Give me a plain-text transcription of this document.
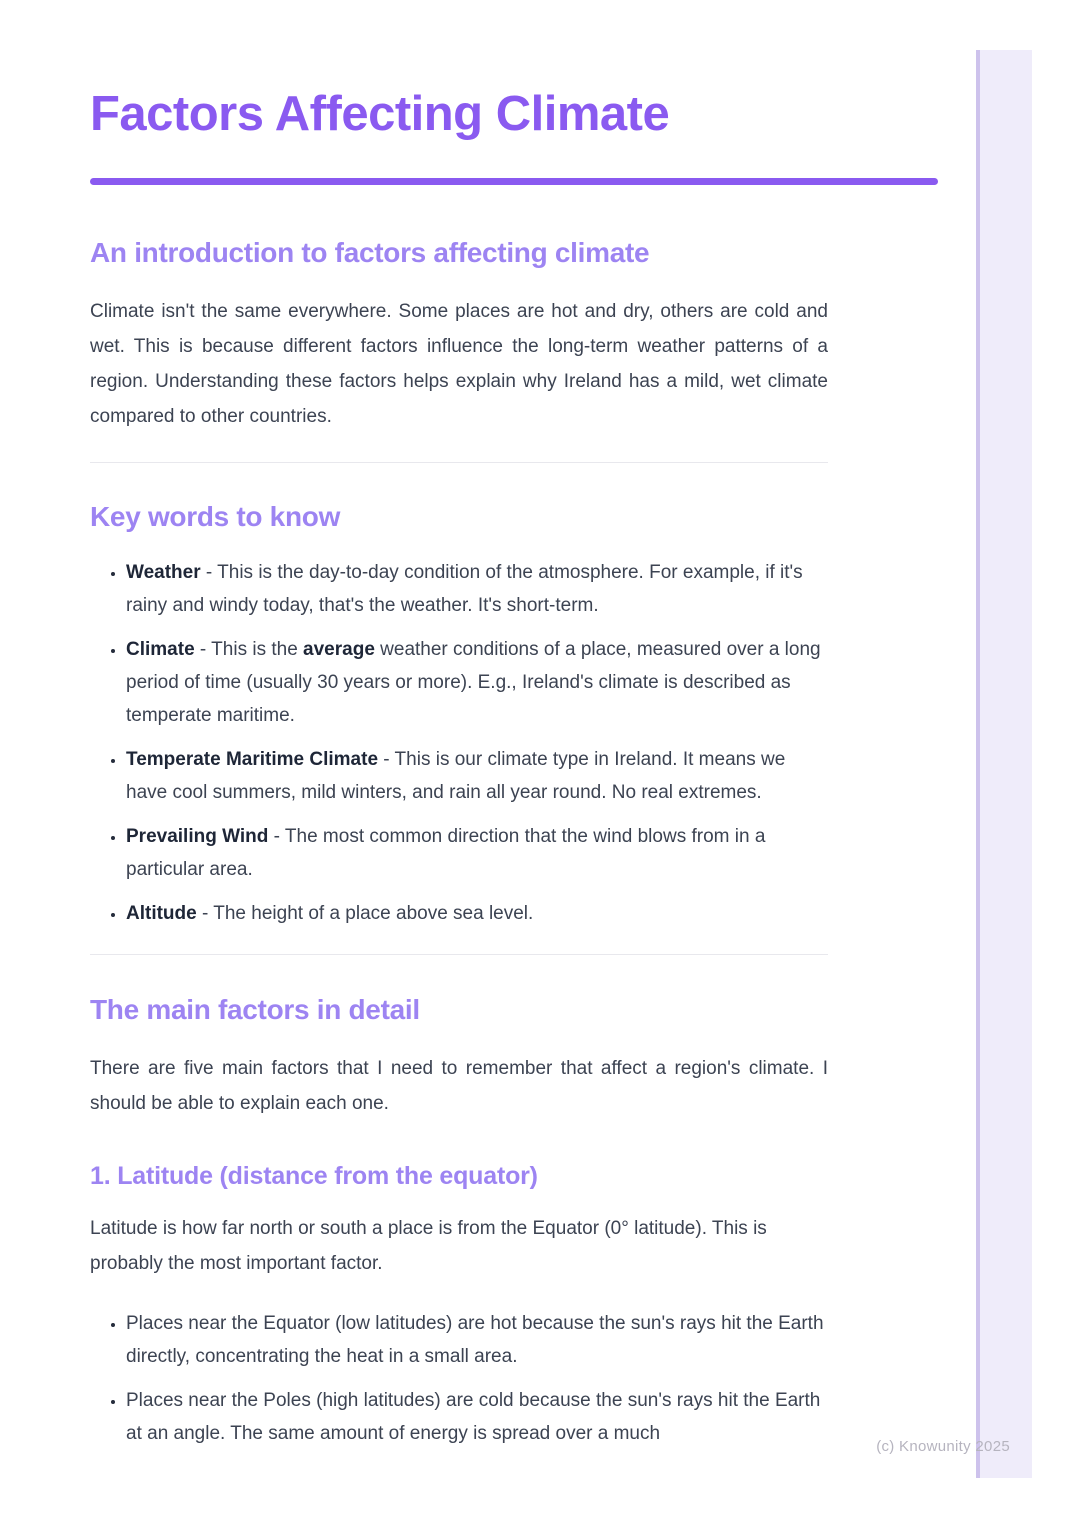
Factors Affecting Climate
An introduction to factors affecting climate

Climate isn't the same everywhere. Some places are hot and dry, others are cold and wet. This is because different factors influence the long-term weather patterns of a region. Understanding these factors helps explain why Ireland has a mild, wet climate compared to other countries.

Key words to know
• Weather - This is the day-to-day condition of the atmosphere. For example, if it's rainy and windy today, that's the weather. It's short-term.
• Climate - This is the average weather conditions of a place, measured over a long period of time (usually 30 years or more). E.g., Ireland's climate is described as temperate maritime.
• Temperate Maritime Climate - This is our climate type in Ireland. It means we have cool summers, mild winters, and rain all year round. No real extremes.
• Prevailing Wind - The most common direction that the wind blows from in a particular area.
• Altitude - The height of a place above sea level.
The main factors in detail

There are five main factors that I need to remember that affect a region's climate. I should be able to explain each one.

1. Latitude (distance from the equator)

Latitude is how far north or south a place is from the Equator (0° latitude). This is probably the most important factor.

• Places near the Equator (low latitudes) are hot because the sun's rays hit the Earth directly, concentrating the heat in a small area.
• Places near the Poles (high latitudes) are cold because the sun's rays hit the Earth at an angle. The same amount of energy is spread over a much
(c) Knowunity 2025
